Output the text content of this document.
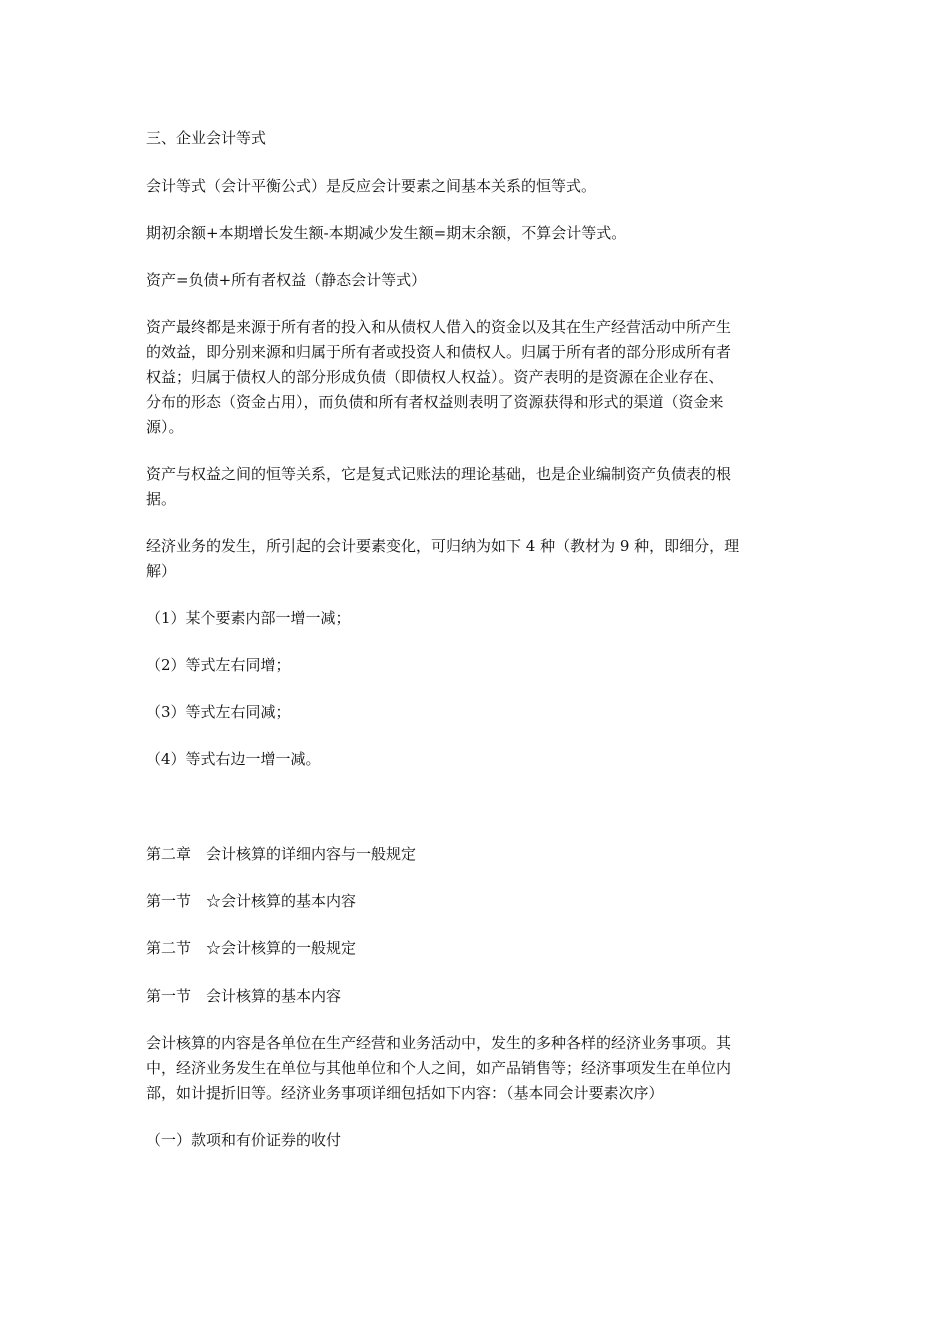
三、企业会计等式

会计等式（会计平衡公式）是反应会计要素之间基本关系的恒等式。

期初余额+本期增长发生额-本期减少发生额=期末余额，不算会计等式。

资产=负债+所有者权益（静态会计等式）

资产最终都是来源于所有者的投入和从债权人借入的资金以及其在生产经营活动中所产生

的效益，即分别来源和归属于所有者或投资人和债权人。归属于所有者的部分形成所有者

权益；归属于债权人的部分形成负债（即债权人权益）。资产表明的是资源在企业存在、

分布的形态（资金占用），而负债和所有者权益则表明了资源获得和形式的渠道（资金来

源）。

资产与权益之间的恒等关系，它是复式记账法的理论基础，也是企业编制资产负债表的根

据。

经济业务的发生，所引起的会计要素变化，可归纳为如下 4 种（教材为 9 种，即细分，理

解）

（1）某个要素内部一增一减；

（2）等式左右同增；

（3）等式左右同减；

（4）等式右边一增一减。

第二章　会计核算的详细内容与一般规定

第一节　☆会计核算的基本内容

第二节　☆会计核算的一般规定

第一节　会计核算的基本内容

会计核算的内容是各单位在生产经营和业务活动中，发生的多种各样的经济业务事项。其

中，经济业务发生在单位与其他单位和个人之间，如产品销售等；经济事项发生在单位内

部，如计提折旧等。经济业务事项详细包括如下内容：（基本同会计要素次序）

（一）款项和有价证券的收付
